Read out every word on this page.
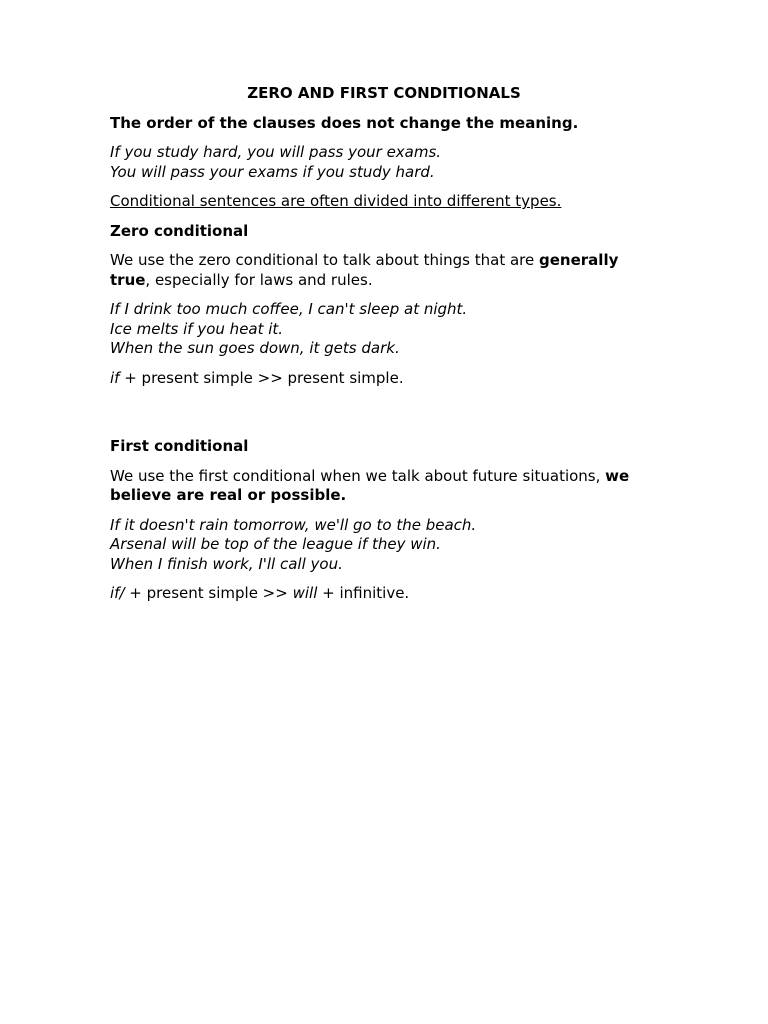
ZERO AND FIRST CONDITIONALS

The order of the clauses does not change the meaning.

If you study hard, you will pass your exams.
You will pass your exams if you study hard.

Conditional sentences are often divided into different types.

Zero conditional

We use the zero conditional to talk about things that are generally true, especially for laws and rules.

If I drink too much coffee, I can't sleep at night.
Ice melts if you heat it.
When the sun goes down, it gets dark.

if + present simple >> present simple.

First conditional

We use the first conditional when we talk about future situations, we believe are real or possible.

If it doesn't rain tomorrow, we'll go to the beach.
Arsenal will be top of the league if they win.
When I finish work, I'll call you.

if/ + present simple >> will + infinitive.
